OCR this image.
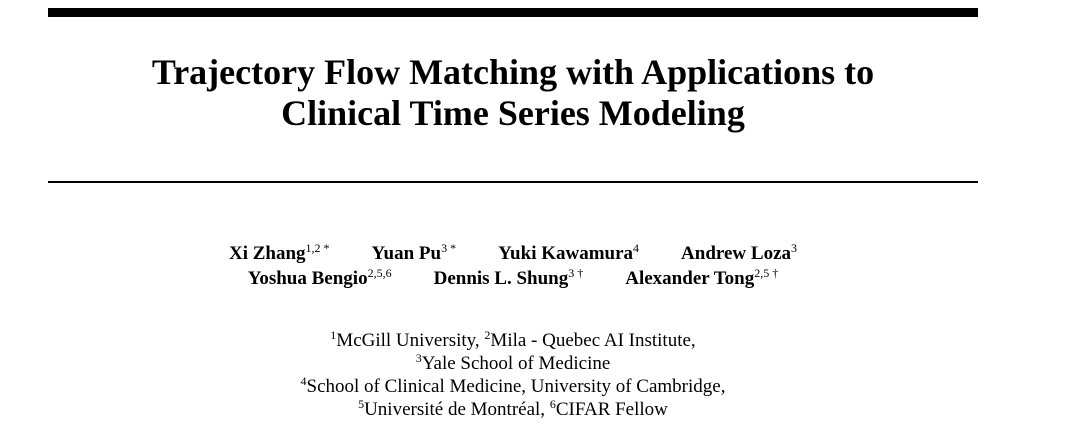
Trajectory Flow Matching with Applications to
Clinical Time Series Modeling
Xi Zhang$^{1,2 *}$ Yuan $Pu^{3 *}$ Yuki Kawamura$^4$ Andrew Loza$^3$
Yoshua Bengio$^{2,5,6}$ Dennis L. Shung$^{3 \dagger}$ Alexander Tong$^{2,5 \dagger}$
$^1$McGill University, $^2$Mila - Quebec AI Institute,
$^3$Yale School of Medicine
$^4$School of Clinical Medicine, University of Cambridge,
$^5$Université de Montréal, $^6$CIFAR Fellow
